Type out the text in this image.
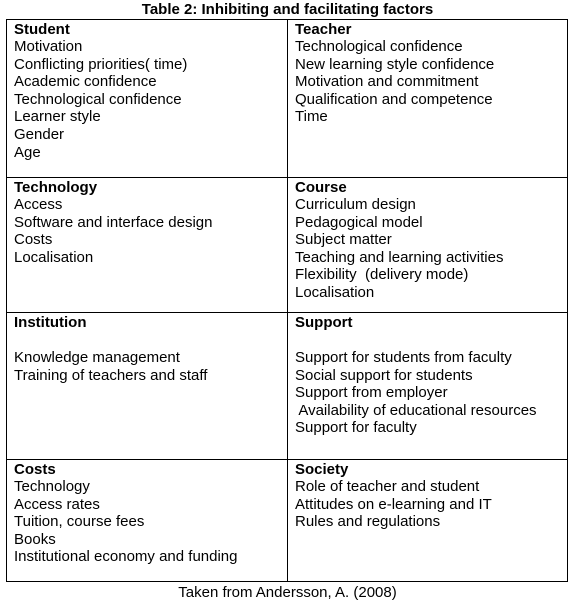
Table 2: Inhibiting and facilitating factors
Student
Motivation
Conflicting priorities( time)
Academic confidence
Technological confidence
Learner style
Gender
Age
Teacher
Technological confidence
New learning style confidence
Motivation and commitment
Qualification and competence
Time
Technology
Access
Software and interface design
Costs
Localisation
Course
Curriculum design
Pedagogical model
Subject matter
Teaching and learning activities
Flexibility  (delivery mode)
Localisation
Institution
Knowledge management
Training of teachers and staff
Support
Support for students from faculty
Social support for students
Support from employer
Availability of educational resources
Support for faculty
Costs
Technology
Access rates
Tuition, course fees
Books
Institutional economy and funding
Society
Role of teacher and student
Attitudes on e-learning and IT
Rules and regulations
Taken from Andersson, A. (2008)
